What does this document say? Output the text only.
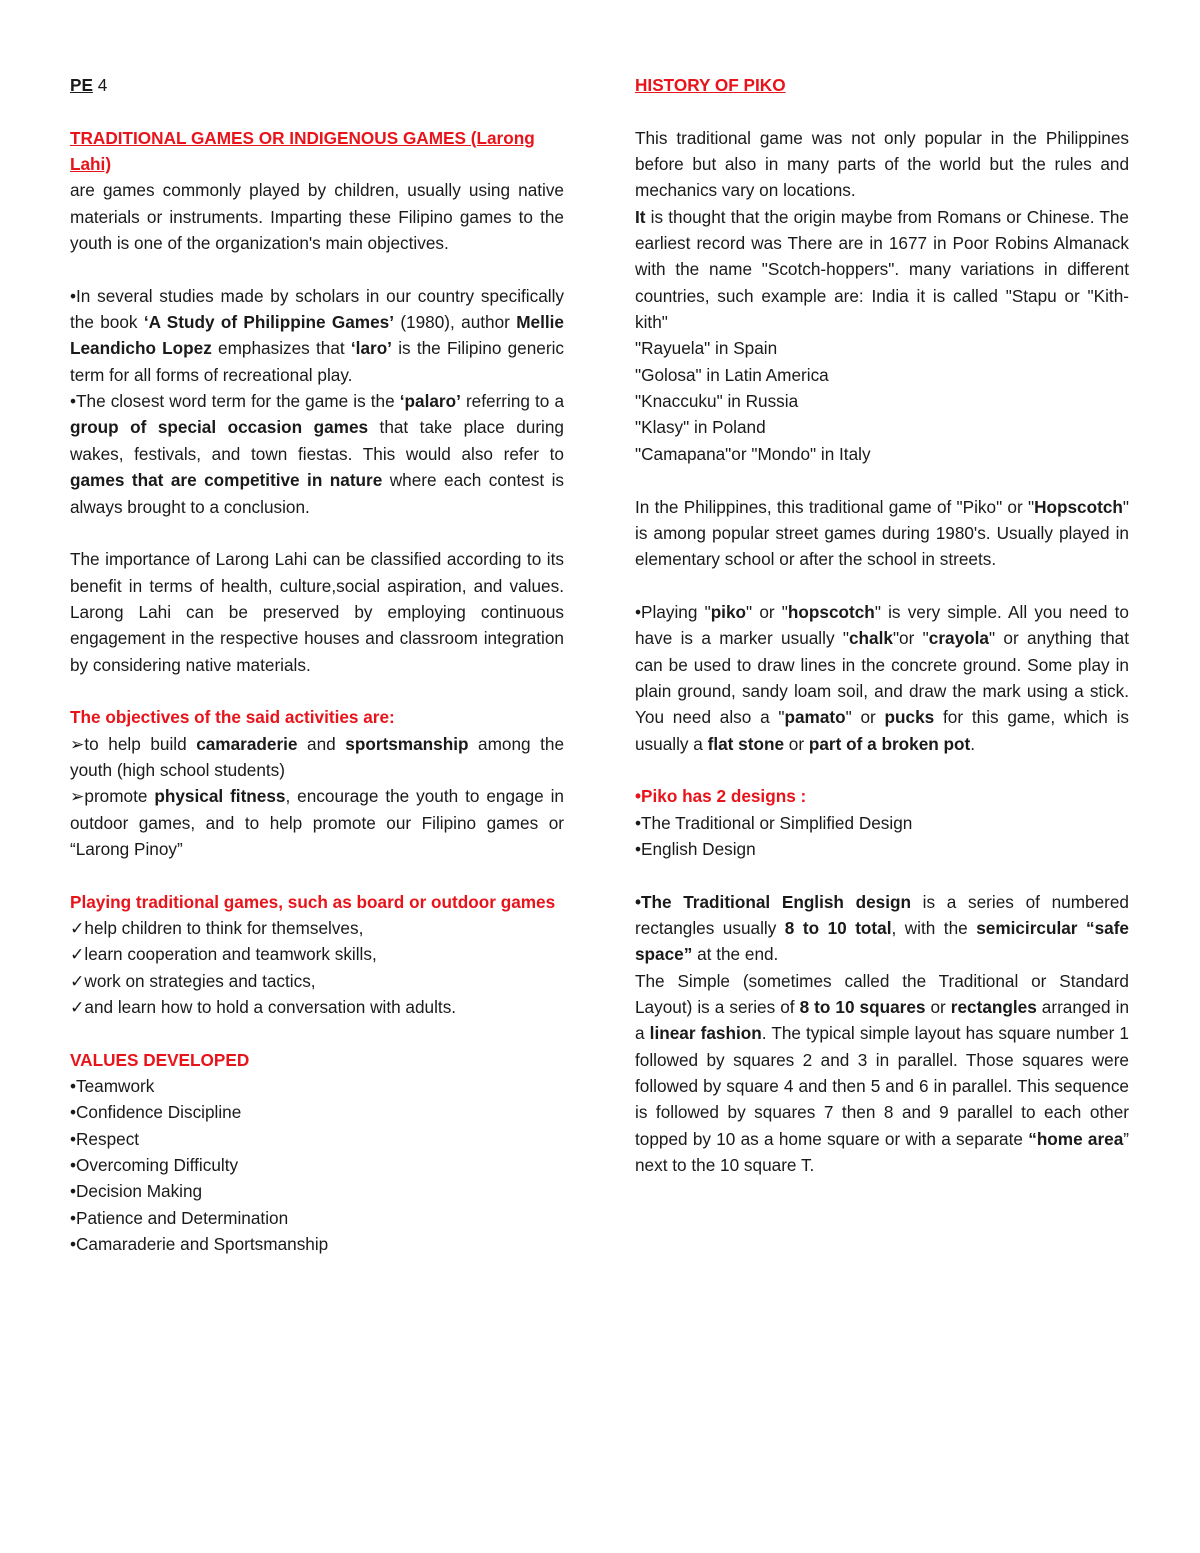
PE 4

TRADITIONAL GAMES OR INDIGENOUS GAMES (Larong Lahi)

are games commonly played by children, usually using native materials or instruments. Imparting these Filipino games to the youth is one of the organization's main objectives.

•In several studies made by scholars in our country specifically the book ‘A Study of Philippine Games’ (1980), author Mellie Leandicho Lopez emphasizes that ‘laro’ is the Filipino generic term for all forms of recreational play.

•The closest word term for the game is the ‘palaro’ referring to a group of special occasion games that take place during wakes, festivals, and town fiestas. This would also refer to games that are competitive in nature where each contest is always brought to a conclusion.

The importance of Larong Lahi can be classified according to its benefit in terms of health, culture,social aspiration, and values. Larong Lahi can be preserved by employing continuous engagement in the respective houses and classroom integration by considering native materials.

The objectives of the said activities are:

➢to help build camaraderie and sportsmanship among the youth (high school students)

➢promote physical fitness, encourage the youth to engage in outdoor games, and to help promote our Filipino games or “Larong Pinoy”

Playing traditional games, such as board or outdoor games

✓help children to think for themselves,

✓learn cooperation and teamwork skills,

✓work on strategies and tactics,

✓and learn how to hold a conversation with adults.

VALUES DEVELOPED

•Teamwork

•Confidence Discipline

•Respect

•Overcoming Difficulty

•Decision Making

•Patience and Determination

•Camaraderie and Sportsmanship

HISTORY OF PIKO

This traditional game was not only popular in the Philippines before but also in many parts of the world but the rules and mechanics vary on locations.

It is thought that the origin maybe from Romans or Chinese. The earliest record was There are in 1677 in Poor Robins Almanack with the name "Scotch-hoppers". many variations in different countries, such example are: India it is called "Stapu or "Kith-kith"

"Rayuela" in Spain

"Golosa" in Latin America

"Knaccuku" in Russia

"Klasy" in Poland

"Camapana"or "Mondo" in Italy

In the Philippines, this traditional game of "Piko" or "Hopscotch" is among popular street games during 1980's. Usually played in elementary school or after the school in streets.

•Playing "piko" or "hopscotch" is very simple. All you need to have is a marker usually "chalk"or "crayola" or anything that can be used to draw lines in the concrete ground. Some play in plain ground, sandy loam soil, and draw the mark using a stick. You need also a "pamato" or pucks for this game, which is usually a flat stone or part of a broken pot.

•Piko has 2 designs :

•The Traditional or Simplified Design

•English Design

•The Traditional English design is a series of numbered rectangles usually 8 to 10 total, with the semicircular “safe space” at the end.

The Simple (sometimes called the Traditional or Standard Layout) is a series of 8 to 10 squares or rectangles arranged in a linear fashion. The typical simple layout has square number 1 followed by squares 2 and 3 in parallel. Those squares were followed by square 4 and then 5 and 6 in parallel. This sequence is followed by squares 7 then 8 and 9 parallel to each other topped by 10 as a home square or with a separate “home area” next to the 10 square T.
